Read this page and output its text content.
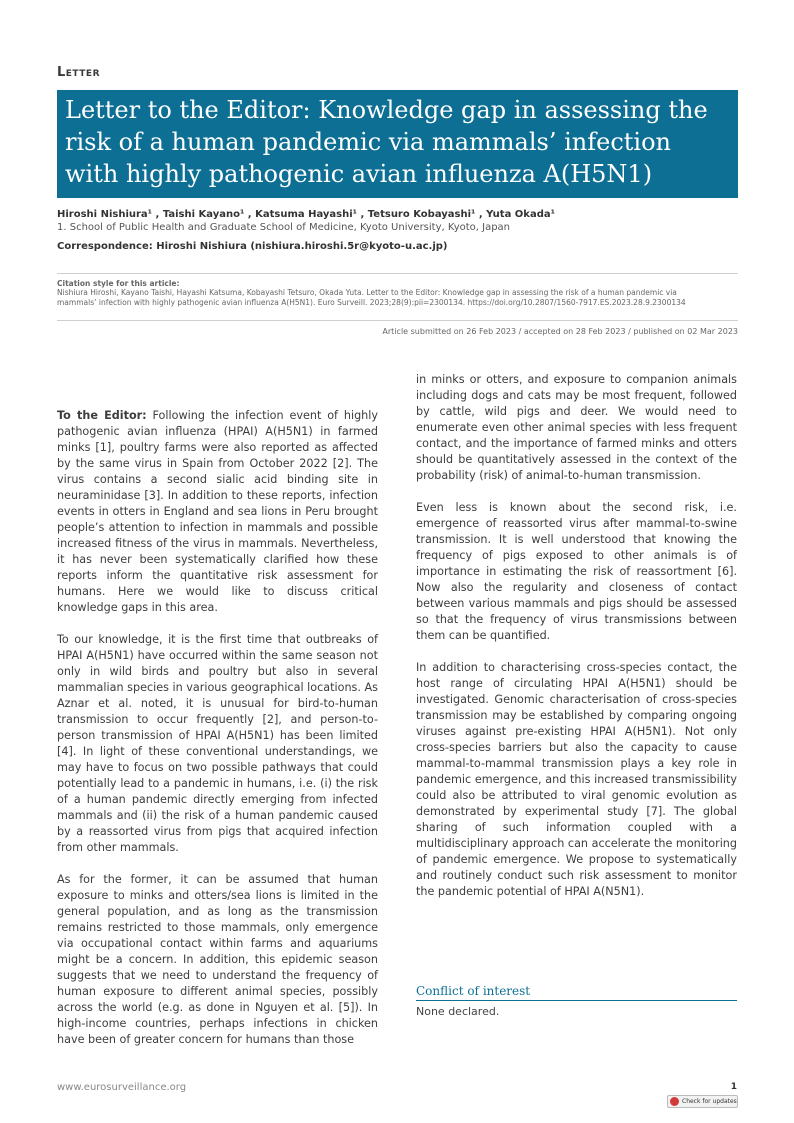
Letter
Letter to the Editor: Knowledge gap in assessing the risk of a human pandemic via mammals’ infection with highly pathogenic avian influenza A(H5N1)
Hiroshi Nishiura¹ , Taishi Kayano¹ , Katsuma Hayashi¹ , Tetsuro Kobayashi¹ , Yuta Okada¹
1. School of Public Health and Graduate School of Medicine, Kyoto University, Kyoto, Japan
Correspondence: Hiroshi Nishiura (nishiura.hiroshi.5r@kyoto-u.ac.jp)
Citation style for this article:
Nishiura Hiroshi, Kayano Taishi, Hayashi Katsuma, Kobayashi Tetsuro, Okada Yuta. Letter to the Editor: Knowledge gap in assessing the risk of a human pandemic via mammals’ infection with highly pathogenic avian influenza A(H5N1). Euro Surveill. 2023;28(9):pii=2300134. https://doi.org/10.2807/1560-7917.ES.2023.28.9.2300134
Article submitted on 26 Feb 2023 / accepted on 28 Feb 2023 / published on 02 Mar 2023

To the Editor: Following the infection event of highly pathogenic avian influenza (HPAI) A(H5N1) in farmed minks [1], poultry farms were also reported as affected by the same virus in Spain from October 2022 [2]. The virus contains a second sialic acid binding site in neuraminidase [3]. In addition to these reports, infection events in otters in England and sea lions in Peru brought people’s attention to infection in mammals and possible increased fitness of the virus in mammals. Nevertheless, it has never been systematically clarified how these reports inform the quantitative risk assessment for humans. Here we would like to discuss critical knowledge gaps in this area.

To our knowledge, it is the first time that outbreaks of HPAI A(H5N1) have occurred within the same season not only in wild birds and poultry but also in several mammalian species in various geographical locations. As Aznar et al. noted, it is unusual for bird-to-human transmission to occur frequently [2], and person-to-person transmission of HPAI A(H5N1) has been limited [4]. In light of these conventional understandings, we may have to focus on two possible pathways that could potentially lead to a pandemic in humans, i.e. (i) the risk of a human pandemic directly emerging from infected mammals and (ii) the risk of a human pandemic caused by a reassorted virus from pigs that acquired infection from other mammals.

As for the former, it can be assumed that human exposure to minks and otters/sea lions is limited in the general population, and as long as the transmission remains restricted to those mammals, only emergence via occupational contact within farms and aquariums might be a concern. In addition, this epidemic season suggests that we need to understand the frequency of human exposure to different animal species, possibly across the world (e.g. as done in Nguyen et al. [5]). In high-income countries, perhaps infections in chicken have been of greater concern for humans than those

in minks or otters, and exposure to companion animals including dogs and cats may be most frequent, followed by cattle, wild pigs and deer. We would need to enumerate even other animal species with less frequent contact, and the importance of farmed minks and otters should be quantitatively assessed in the context of the probability (risk) of animal-to-human transmission.

Even less is known about the second risk, i.e. emergence of reassorted virus after mammal-to-swine transmission. It is well understood that knowing the frequency of pigs exposed to other animals is of importance in estimating the risk of reassortment [6]. Now also the regularity and closeness of contact between various mammals and pigs should be assessed so that the frequency of virus transmissions between them can be quantified.

In addition to characterising cross-species contact, the host range of circulating HPAI A(H5N1) should be investigated. Genomic characterisation of cross-species transmission may be established by comparing ongoing viruses against pre-existing HPAI A(H5N1). Not only cross-species barriers but also the capacity to cause mammal-to-mammal transmission plays a key role in pandemic emergence, and this increased transmissibility could also be attributed to viral genomic evolution as demonstrated by experimental study [7]. The global sharing of such information coupled with a multidisciplinary approach can accelerate the monitoring of pandemic emergence. We propose to systematically and routinely conduct such risk assessment to monitor the pandemic potential of HPAI A(N5N1).

Conflict of interest
None declared.
www.eurosurveillance.org	1
Check for updates
